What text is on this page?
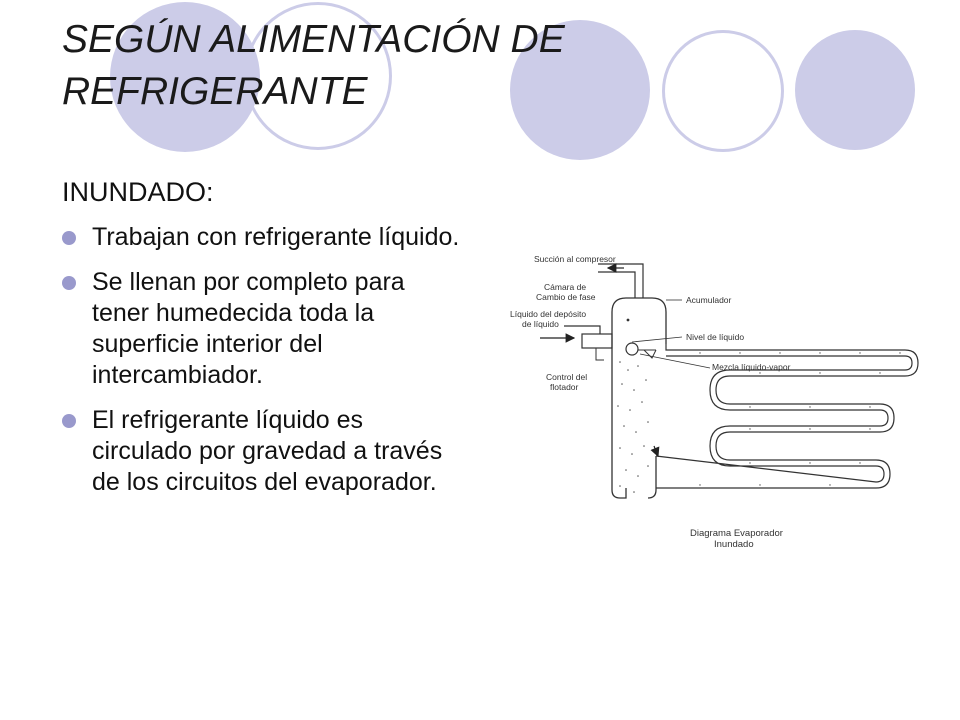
SEGÚN ALIMENTACIÓN DE
REFRIGERANTE

INUNDADO:

Trabajan con refrigerante líquido.
Se llenan por completo para tener humedecida toda la superficie interior del intercambiador.
El refrigerante líquido es circulado por gravedad a través de los circuitos del evaporador.
Succión al compresor
Cámara de Cambio de fase	Acumulador
Líquido del depósito de líquido
Nivel de líquido
Control del flotador
Mezcla líquido-vapor
Diagrama Evaporador Inundado
